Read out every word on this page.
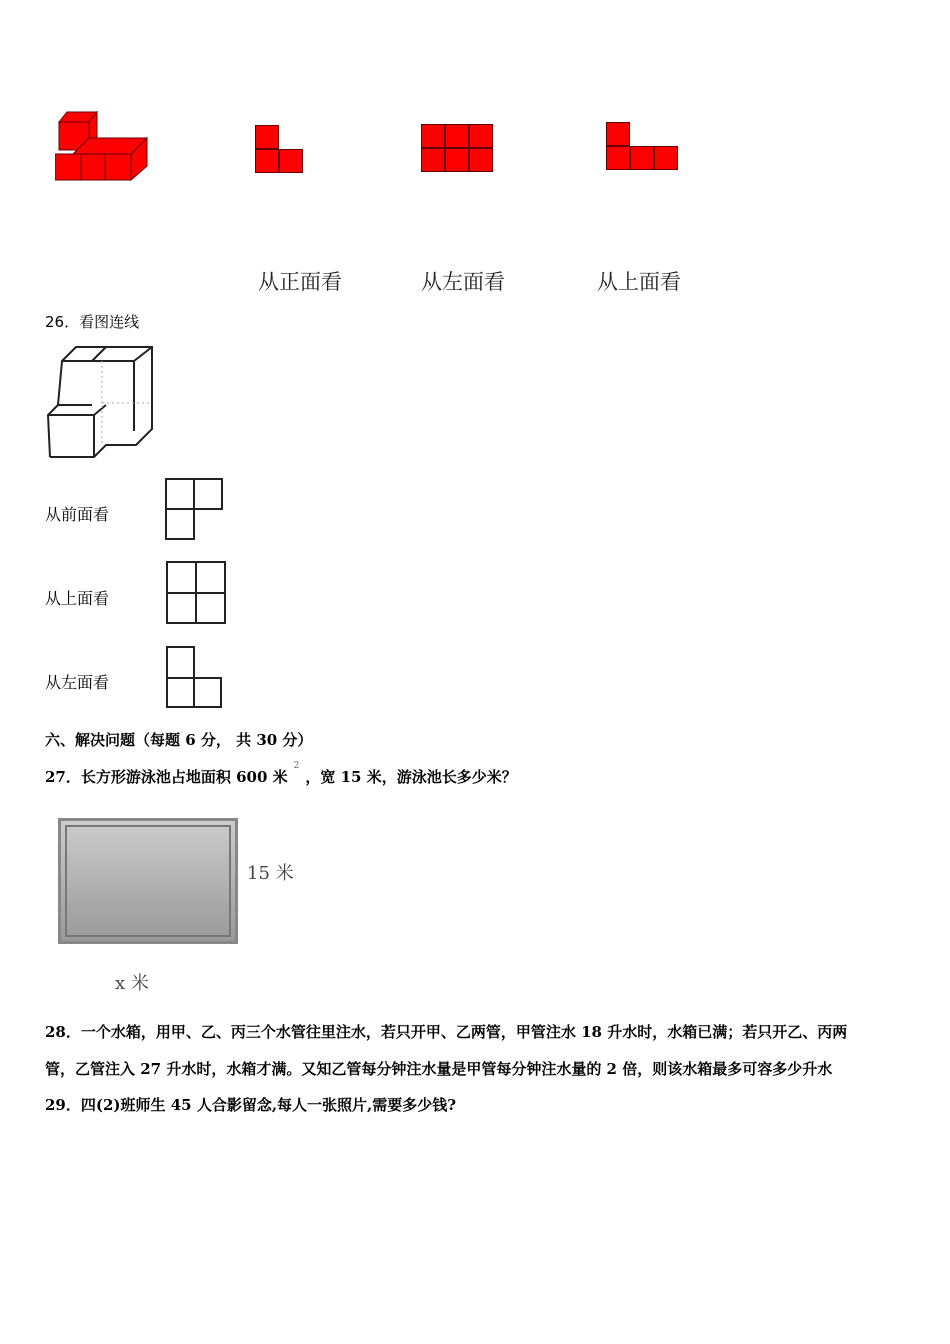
从正面看	从左面看	从上面看
26．看图连线
从前面看
从上面看
从左面看
六、解决问题（每题 6 分， 共 30 分）
27．长方形游泳池占地面积 600 米$^2$，宽 15 米，游泳池长多少米？
15 米
x 米
28．一个水箱，用甲、乙、丙三个水管往里注水，若只开甲、乙两管，甲管注水 18 升水时，水箱已满；若只开乙、丙两
管，乙管注入 27 升水时，水箱才满。又知乙管每分钟注水量是甲管每分钟注水量的 2 倍，则该水箱最多可容多少升水
29．四(2)班师生 45 人合影留念,每人一张照片,需要多少钱?
